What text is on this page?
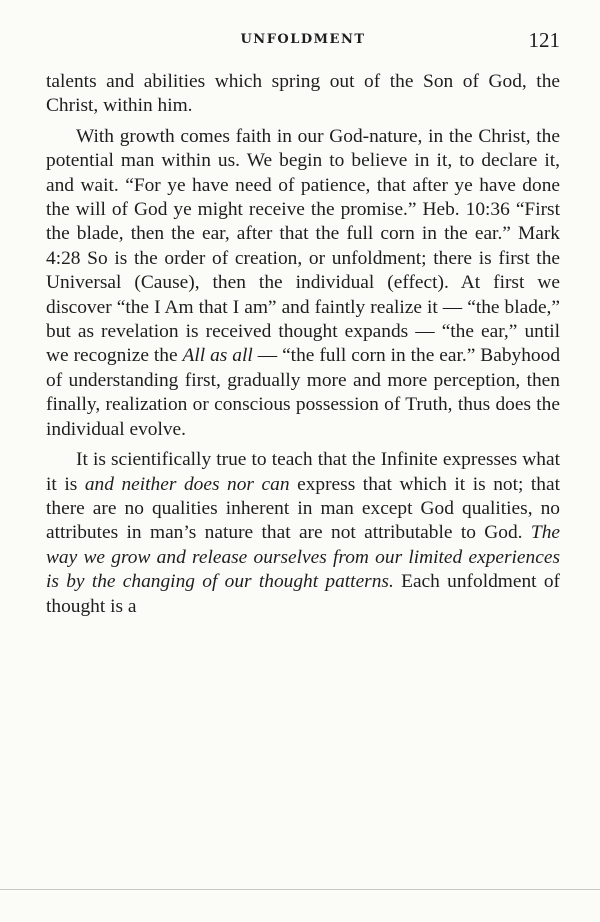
UNFOLDMENT	121

talents and abilities which spring out of the Son of God, the Christ, within him.

With growth comes faith in our God-nature, in the Christ, the potential man within us. We begin to believe in it, to declare it, and wait. “For ye have need of patience, that after ye have done the will of God ye might receive the promise.” Heb. 10:36 “First the blade, then the ear, after that the full corn in the ear.” Mark 4:28 So is the order of creation, or unfoldment; there is first the Universal (Cause), then the individual (effect). At first we discover “the I Am that I am” and faintly realize it — “the blade,” but as revelation is received thought expands — “the ear,” until we recognize the All as all — “the full corn in the ear.” Babyhood of understanding first, gradually more and more perception, then finally, realization or conscious possession of Truth, thus does the individual evolve.

It is scientifically true to teach that the Infinite expresses what it is and neither does nor can express that which it is not; that there are no qualities inherent in man except God qualities, no attributes in man’s nature that are not attributable to God. The way we grow and release ourselves from our limited experiences is by the changing of our thought patterns. Each unfoldment of thought is a
